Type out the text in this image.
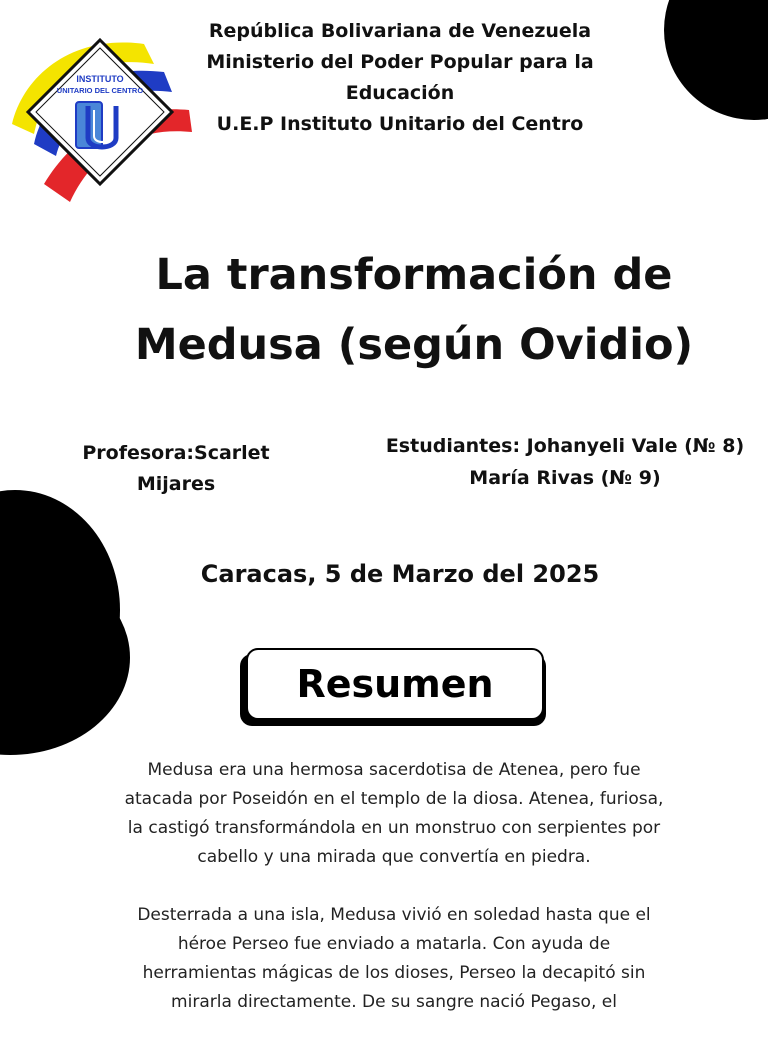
INSTITUTO
UNITARIO DEL CENTRO
República Bolivariana de Venezuela
Ministerio del Poder Popular para la Educación
U.E.P Instituto Unitario del Centro
La transformación de Medusa (según Ovidio)
Profesora:Scarlet Mijares
Estudiantes: Johanyeli Vale (№ 8)
María Rivas (№ 9)
Caracas, 5 de Marzo del 2025
Resumen

Medusa era una hermosa sacerdotisa de Atenea, pero fue atacada por Poseidón en el templo de la diosa. Atenea, furiosa, la castigó transformándola en un monstruo con serpientes por cabello y una mirada que convertía en piedra.

Desterrada a una isla, Medusa vivió en soledad hasta que el héroe Perseo fue enviado a matarla. Con ayuda de herramientas mágicas de los dioses, Perseo la decapitó sin mirarla directamente. De su sangre nació Pegaso, el
